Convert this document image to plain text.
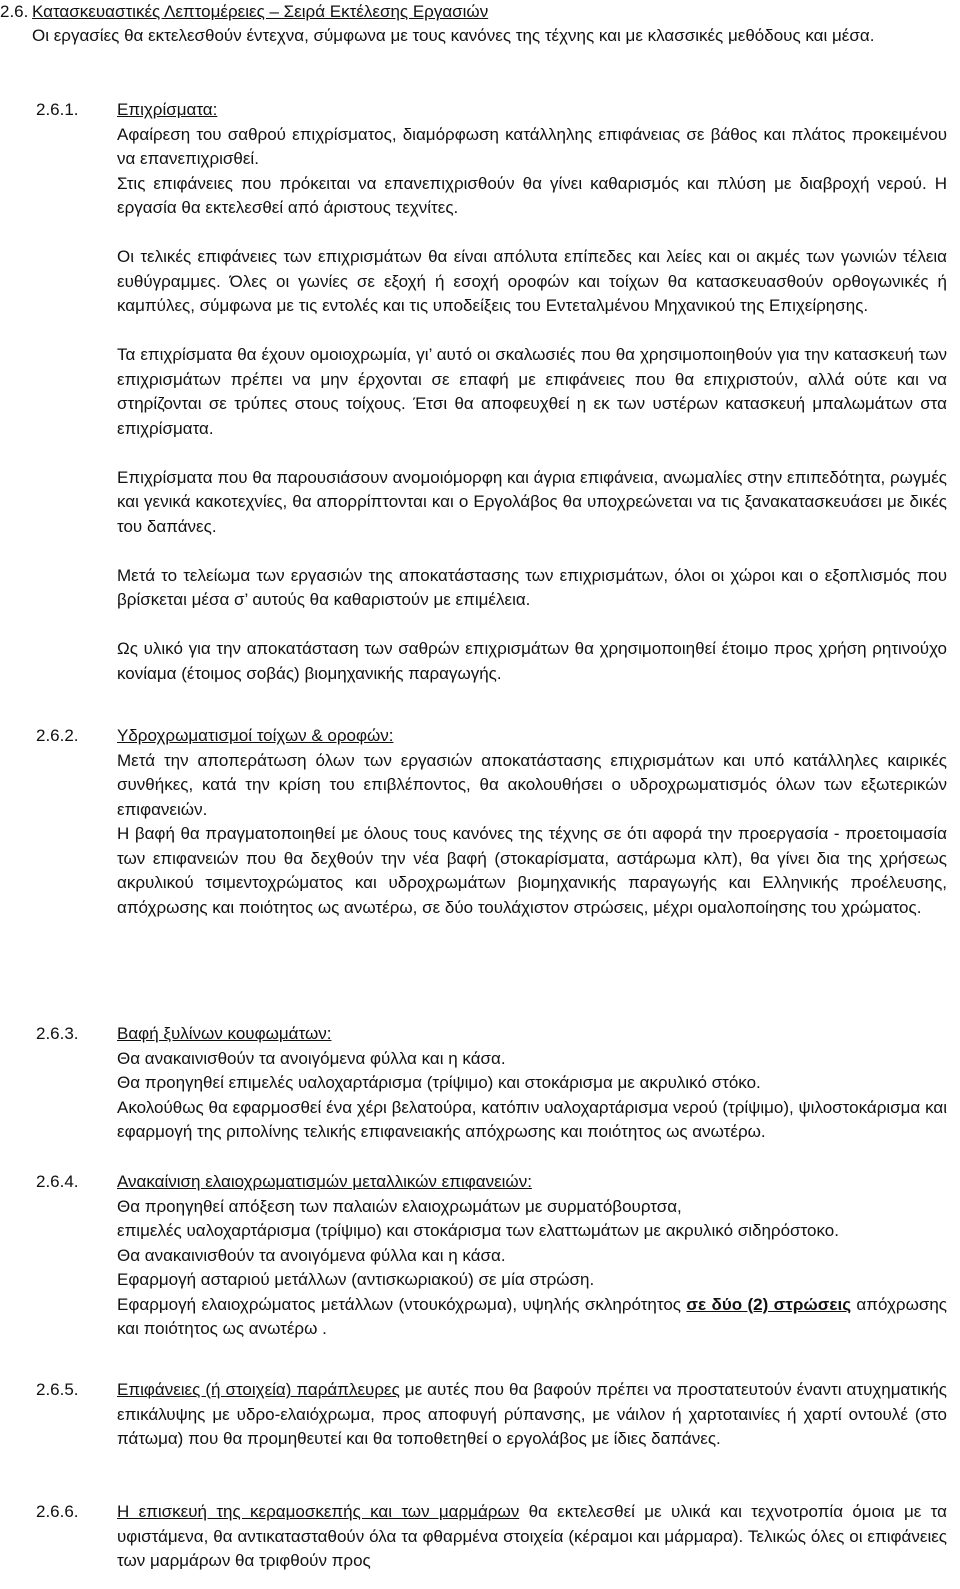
2.6. Κατασκευαστικές Λεπτομέρειες – Σειρά Εκτέλεσης Εργασιών
Οι εργασίες θα εκτελεσθούν έντεχνα, σύμφωνα με τους κανόνες της τέχνης και με κλασσικές μεθόδους και μέσα.
2.6.1. Επιχρίσματα:

Αφαίρεση του σαθρού επιχρίσματος, διαμόρφωση κατάλληλης επιφάνειας σε βάθος και πλάτος προκειμένου να επανεπιχρισθεί.

Στις επιφάνειες που πρόκειται να επανεπιχρισθούν θα γίνει καθαρισμός και πλύση με διαβροχή νερού. Η εργασία θα εκτελεσθεί από άριστους τεχνίτες.

Οι τελικές επιφάνειες των επιχρισμάτων θα είναι απόλυτα επίπεδες και λείες και οι ακμές των γωνιών τέλεια ευθύγραμμες. Όλες οι γωνίες σε εξοχή ή εσοχή οροφών και τοίχων θα κατασκευασθούν ορθογωνικές ή καμπύλες, σύμφωνα με τις εντολές και τις υποδείξεις του Εντεταλμένου Μηχανικού της Επιχείρησης.

Τα επιχρίσματα θα έχουν ομοιοχρωμία, γι’ αυτό οι σκαλωσιές που θα χρησιμοποιηθούν για την κατασκευή των επιχρισμάτων πρέπει να μην έρχονται σε επαφή με επιφάνειες που θα επιχριστούν, αλλά ούτε και να στηρίζονται σε τρύπες στους τοίχους. Έτσι θα αποφευχθεί η εκ των υστέρων κατασκευή μπαλωμάτων στα επιχρίσματα.

Επιχρίσματα που θα παρουσιάσουν ανομοιόμορφη και άγρια επιφάνεια, ανωμαλίες στην επιπεδότητα, ρωγμές και γενικά κακοτεχνίες, θα απορρίπτονται και ο Εργολάβος θα υποχρεώνεται να τις ξανακατασκευάσει με δικές του δαπάνες.

Μετά το τελείωμα των εργασιών της αποκατάστασης των επιχρισμάτων, όλοι οι χώροι και ο εξοπλισμός που βρίσκεται μέσα σ’ αυτούς θα καθαριστούν με επιμέλεια.

Ως υλικό για την αποκατάσταση των σαθρών επιχρισμάτων θα χρησιμοποιηθεί έτοιμο προς χρήση ρητινούχο κονίαμα (έτοιμος σοβάς) βιομηχανικής παραγωγής.

2.6.2. Υδροχρωματισμοί τοίχων & οροφών:

Μετά την αποπεράτωση όλων των εργασιών αποκατάστασης επιχρισμάτων και υπό κατάλληλες καιρικές συνθήκες, κατά την κρίση του επιβλέποντος, θα ακολουθήσει ο υδροχρωματισμός όλων των εξωτερικών επιφανειών.

Η βαφή θα πραγματοποιηθεί με όλους τους κανόνες της τέχνης σε ότι αφορά την προεργασία - προετοιμασία των επιφανειών που θα δεχθούν την νέα βαφή (στοκαρίσματα, αστάρωμα κλπ), θα γίνει δια της χρήσεως ακρυλικού τσιμεντοχρώματος και υδροχρωμάτων βιομηχανικής παραγωγής και Ελληνικής προέλευσης, απόχρωσης και ποιότητος ως ανωτέρω, σε δύο τουλάχιστον στρώσεις, μέχρι ομαλοποίησης του χρώματος.

2.6.3. Βαφή ξυλίνων κουφωμάτων:

Θα ανακαινισθούν τα ανοιγόμενα φύλλα και η κάσα.

Θα προηγηθεί επιμελές υαλοχαρτάρισμα (τρίψιμο) και στοκάρισμα με ακρυλικό στόκο.

Ακολούθως θα εφαρμοσθεί ένα χέρι βελατούρα, κατόπιν υαλοχαρτάρισμα νερού (τρίψιμο), ψιλοστοκάρισμα και εφαρμογή της ριπολίνης τελικής επιφανειακής απόχρωσης και ποιότητος ως ανωτέρω.

2.6.4. Ανακαίνιση ελαιοχρωματισμών μεταλλικών επιφανειών:

Θα προηγηθεί απόξεση των παλαιών ελαιοχρωμάτων με συρματόβουρτσα,

επιμελές υαλοχαρτάρισμα (τρίψιμο) και στοκάρισμα των ελαττωμάτων με ακρυλικό σιδηρόστοκο.

Θα ανακαινισθούν τα ανοιγόμενα φύλλα και η κάσα.

Εφαρμογή ασταριού μετάλλων (αντισκωριακού) σε μία στρώση.

Εφαρμογή ελαιοχρώματος μετάλλων (ντουκόχρωμα), υψηλής σκληρότητος σε δύο (2) στρώσεις απόχρωσης και ποιότητος ως ανωτέρω .

2.6.5. Επιφάνειες (ή στοιχεία) παράπλευρες με αυτές που θα βαφούν πρέπει να προστατευτούν έναντι ατυχηματικής επικάλυψης με υδρο-ελαιόχρωμα, προς αποφυγή ρύπανσης, με νάιλον ή χαρτοταινίες ή χαρτί οντουλέ (στο πάτωμα) που θα προμηθευτεί και θα τοποθετηθεί ο εργολάβος με ίδιες δαπάνες.

2.6.6. Η επισκευή της κεραμοσκεπής και των μαρμάρων θα εκτελεσθεί με υλικά και τεχνοτροπία όμοια με τα υφιστάμενα, θα αντικατασταθούν όλα τα φθαρμένα στοιχεία (κέραμοι και μάρμαρα). Τελικώς όλες οι επιφάνειες των μαρμάρων θα τριφθούν προς
